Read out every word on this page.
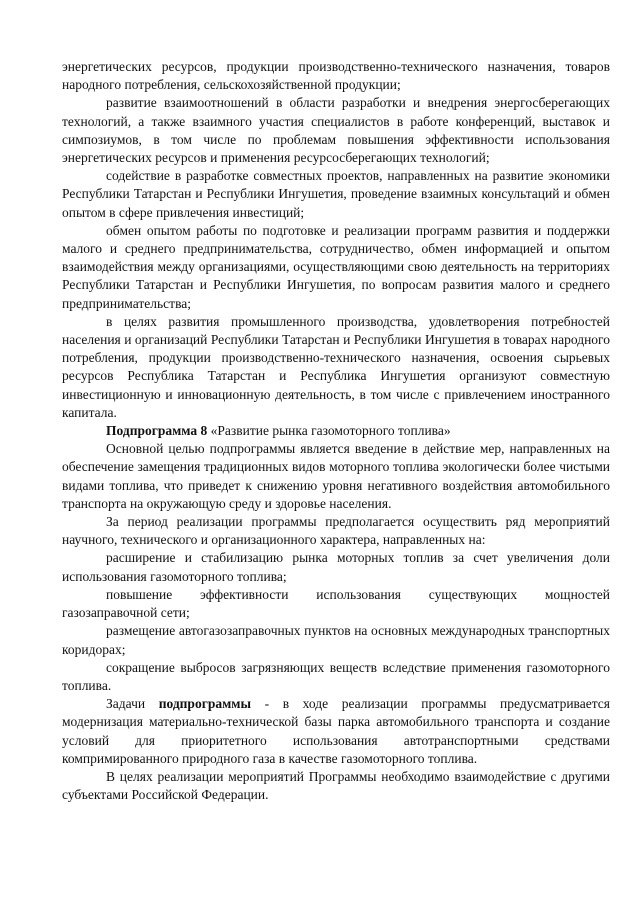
энергетических ресурсов, продукции производственно-технического назначения, товаров народного потребления, сельскохозяйственной продукции;

развитие взаимоотношений в области разработки и внедрения энергосберегающих технологий, а также взаимного участия специалистов в работе конференций, выставок и симпозиумов, в том числе по проблемам повышения эффективности использования энергетических ресурсов и применения ресурсосберегающих технологий;

содействие в разработке совместных проектов, направленных на развитие экономики Республики Татарстан и Республики Ингушетия, проведение взаимных консультаций и обмен опытом в сфере привлечения инвестиций;

обмен опытом работы по подготовке и реализации программ развития и поддержки малого и среднего предпринимательства, сотрудничество, обмен информацией и опытом взаимодействия между организациями, осуществляющими свою деятельность на территориях Республики Татарстан и Республики Ингушетия, по вопросам развития малого и среднего предпринимательства;

в целях развития промышленного производства, удовлетворения потребностей населения и организаций Республики Татарстан и Республики Ингушетия в товарах народного потребления, продукции производственно-технического назначения, освоения сырьевых ресурсов Республика Татарстан и Республика Ингушетия организуют совместную инвестиционную и инновационную деятельность, в том числе с привлечением иностранного капитала.

Подпрограмма 8 «Развитие рынка газомоторного топлива»

Основной целью подпрограммы является введение в действие мер, направленных на обеспечение замещения традиционных видов моторного топлива экологически более чистыми видами топлива, что приведет к снижению уровня негативного воздействия автомобильного транспорта на окружающую среду и здоровье населения.

За период реализации программы предполагается осуществить ряд мероприятий научного, технического и организационного характера, направленных на:

расширение и стабилизацию рынка моторных топлив за счет увеличения доли использования газомоторного топлива;

повышение эффективности использования существующих мощностей газозаправочной сети;

размещение автогазозаправочных пунктов на основных международных транспортных коридорах;

сокращение выбросов загрязняющих веществ вследствие применения газомоторного топлива.

Задачи подпрограммы - в ходе реализации программы предусматривается модернизация материально-технической базы парка автомобильного транспорта и создание условий для приоритетного использования автотранспортными средствами компримированного природного газа в качестве газомоторного топлива.

В целях реализации мероприятий Программы необходимо взаимодействие с другими субъектами Российской Федерации.
